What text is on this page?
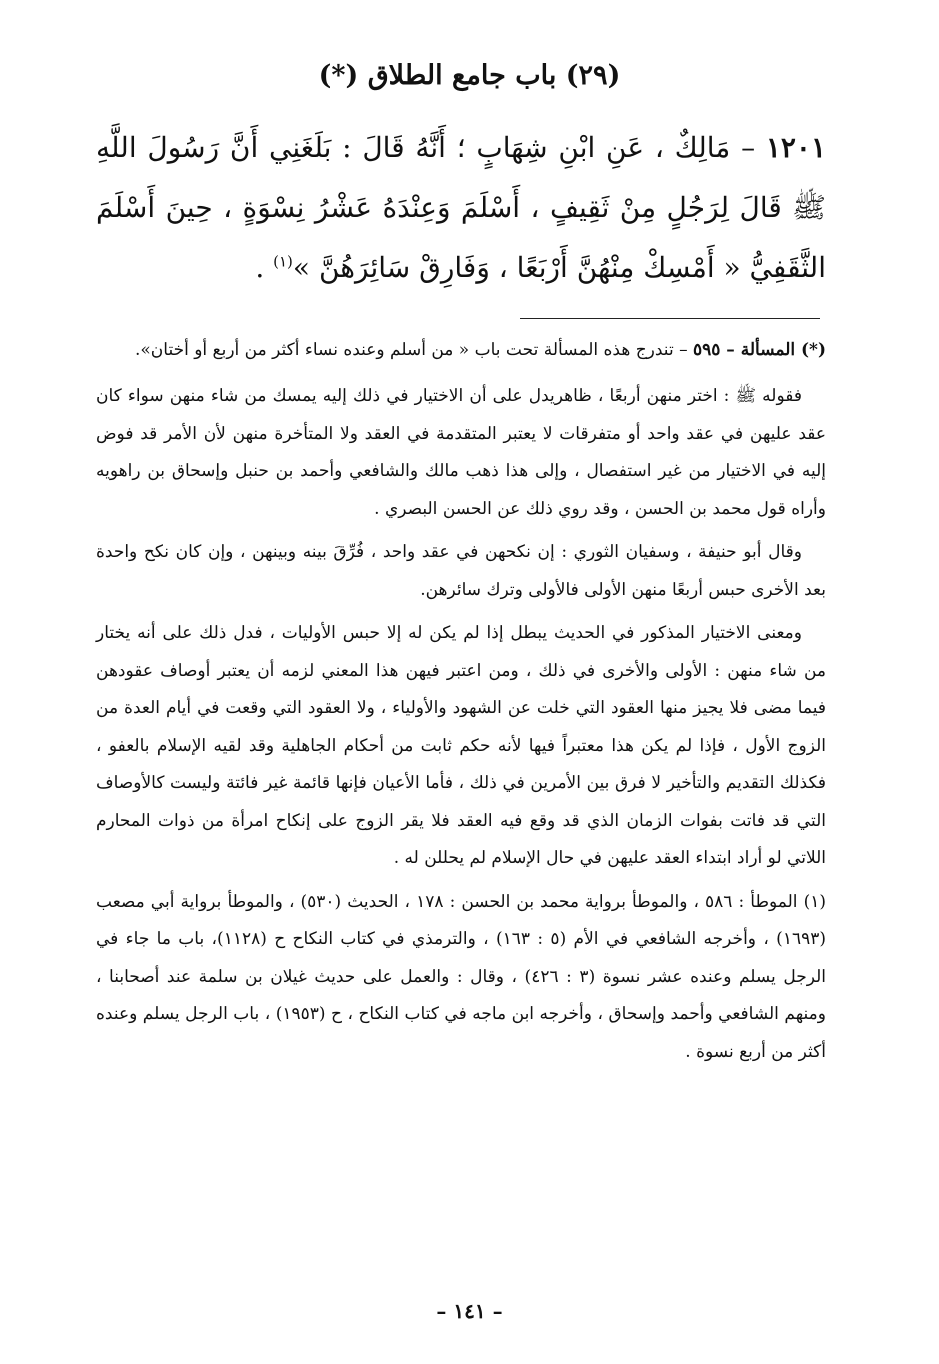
(٢٩) باب جامع الطلاق (*)

١٢٠١ – مَالِكٌ ، عَنِ ابْنِ شِهَابٍ ؛ أَنَّهُ قَالَ : بَلَغَنِي أَنَّ رَسُولَ اللَّهِ ﷺ قَالَ لِرَجُلٍ مِنْ ثَقِيفٍ ، أَسْلَمَ وَعِنْدَهُ عَشْرُ نِسْوَةٍ ، حِينَ أَسْلَمَ الثَّقَفِيُّ « أَمْسِكْ مِنْهُنَّ أَرْبَعًا ، وَفَارِقْ سَائِرَهُنَّ »$^{(١)}$ .

(*) المسألة – ٥٩٥ – تندرج هذه المسألة تحت باب « من أسلم وعنده نساء أكثر من أربع أو أختان».

فقوله ﷺ : اختر منهن أربعًا ، ظاهريدل على أن الاختيار في ذلك إليه يمسك من شاء منهن سواء كان عقد عليهن في عقد واحد أو متفرقات لا يعتبر المتقدمة في العقد ولا المتأخرة منهن لأن الأمر قد فوض إليه في الاختيار من غير استفصال ، وإلى هذا ذهب مالك والشافعي وأحمد بن حنبل وإسحاق بن راهويه وأراه قول محمد بن الحسن ، وقد روي ذلك عن الحسن البصري .

وقال أبو حنيفة ، وسفيان الثوري : إن نكحهن في عقد واحد ، فُرِّقَ بينه وبينهن ، وإن كان نكح واحدة بعد الأخرى حبس أربعًا منهن الأولى فالأولى وترك سائرهن.

ومعنى الاختيار المذكور في الحديث يبطل إذا لم يكن له إلا حبس الأوليات ، فدل ذلك على أنه يختار من شاء منهن : الأولى والأخرى في ذلك ، ومن اعتبر فيهن هذا المعني لزمه أن يعتبر أوصاف عقودهن فيما مضى فلا يجيز منها العقود التي خلت عن الشهود والأولياء ، ولا العقود التي وقعت في أيام العدة من الزوج الأول ، فإذا لم يكن هذا معتبراً فيها لأنه حكم ثابت من أحكام الجاهلية وقد لقيه الإسلام بالعفو ، فكذلك التقديم والتأخير لا فرق بين الأمرين في ذلك ، فأما الأعيان فإنها قائمة غير فائتة وليست كالأوصاف التي قد فاتت بفوات الزمان الذي قد وقع فيه العقد فلا يقر الزوج على إنكاح امرأة من ذوات المحارم اللاتي لو أراد ابتداء العقد عليهن في حال الإسلام لم يحللن له .

(١) الموطأ : ٥٨٦ ، والموطأ برواية محمد بن الحسن : ١٧٨ ، الحديث (٥٣٠) ، والموطأ برواية أبي مصعب (١٦٩٣) ، وأخرجه الشافعي في الأم (٥ : ١٦٣) ، والترمذي في كتاب النكاح ح (١١٢٨)، باب ما جاء في الرجل يسلم وعنده عشر نسوة (٣ : ٤٢٦) ، وقال : والعمل على حديث غيلان بن سلمة عند أصحابنا ، ومنهم الشافعي وأحمد وإسحاق ، وأخرجه ابن ماجه في كتاب النكاح ، ح (١٩٥٣) ، باب الرجل يسلم وعنده أكثر من أربع نسوة .

– ١٤١ –
